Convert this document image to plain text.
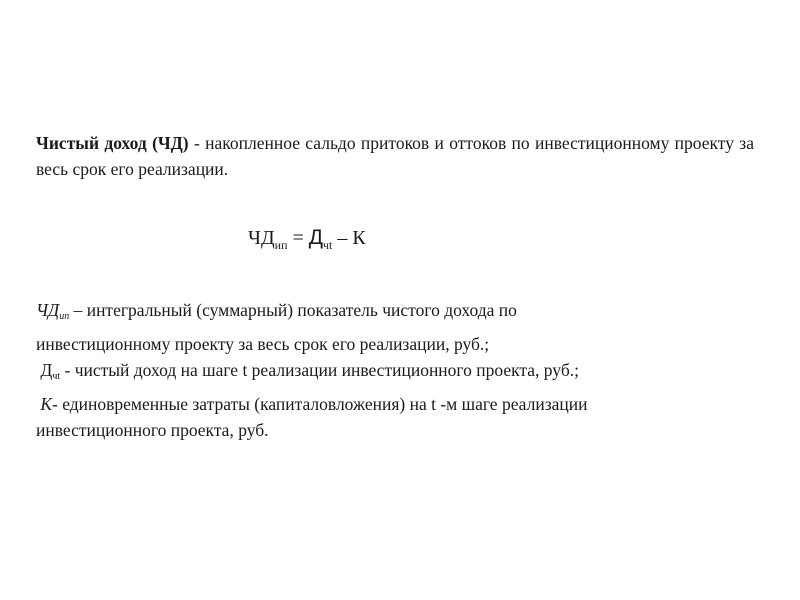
Чистый доход (ЧД) - накопленное сальдо притоков и оттоков по инвестиционному проекту за весь срок его реализации.

$ЧД_{ип} = Д_{чt} - К$

$ЧД_{ип}$ – интегральный (суммарный) показатель чистого дохода по
инвестиционному проекту за весь срок его реализации, руб.;
$Д_{чt}$ - чистый доход на шаге t реализации инвестиционного проекта, руб.;
К- единовременные затраты (капиталовложения) на t -м шаге реализации
инвестиционного проекта, руб.
